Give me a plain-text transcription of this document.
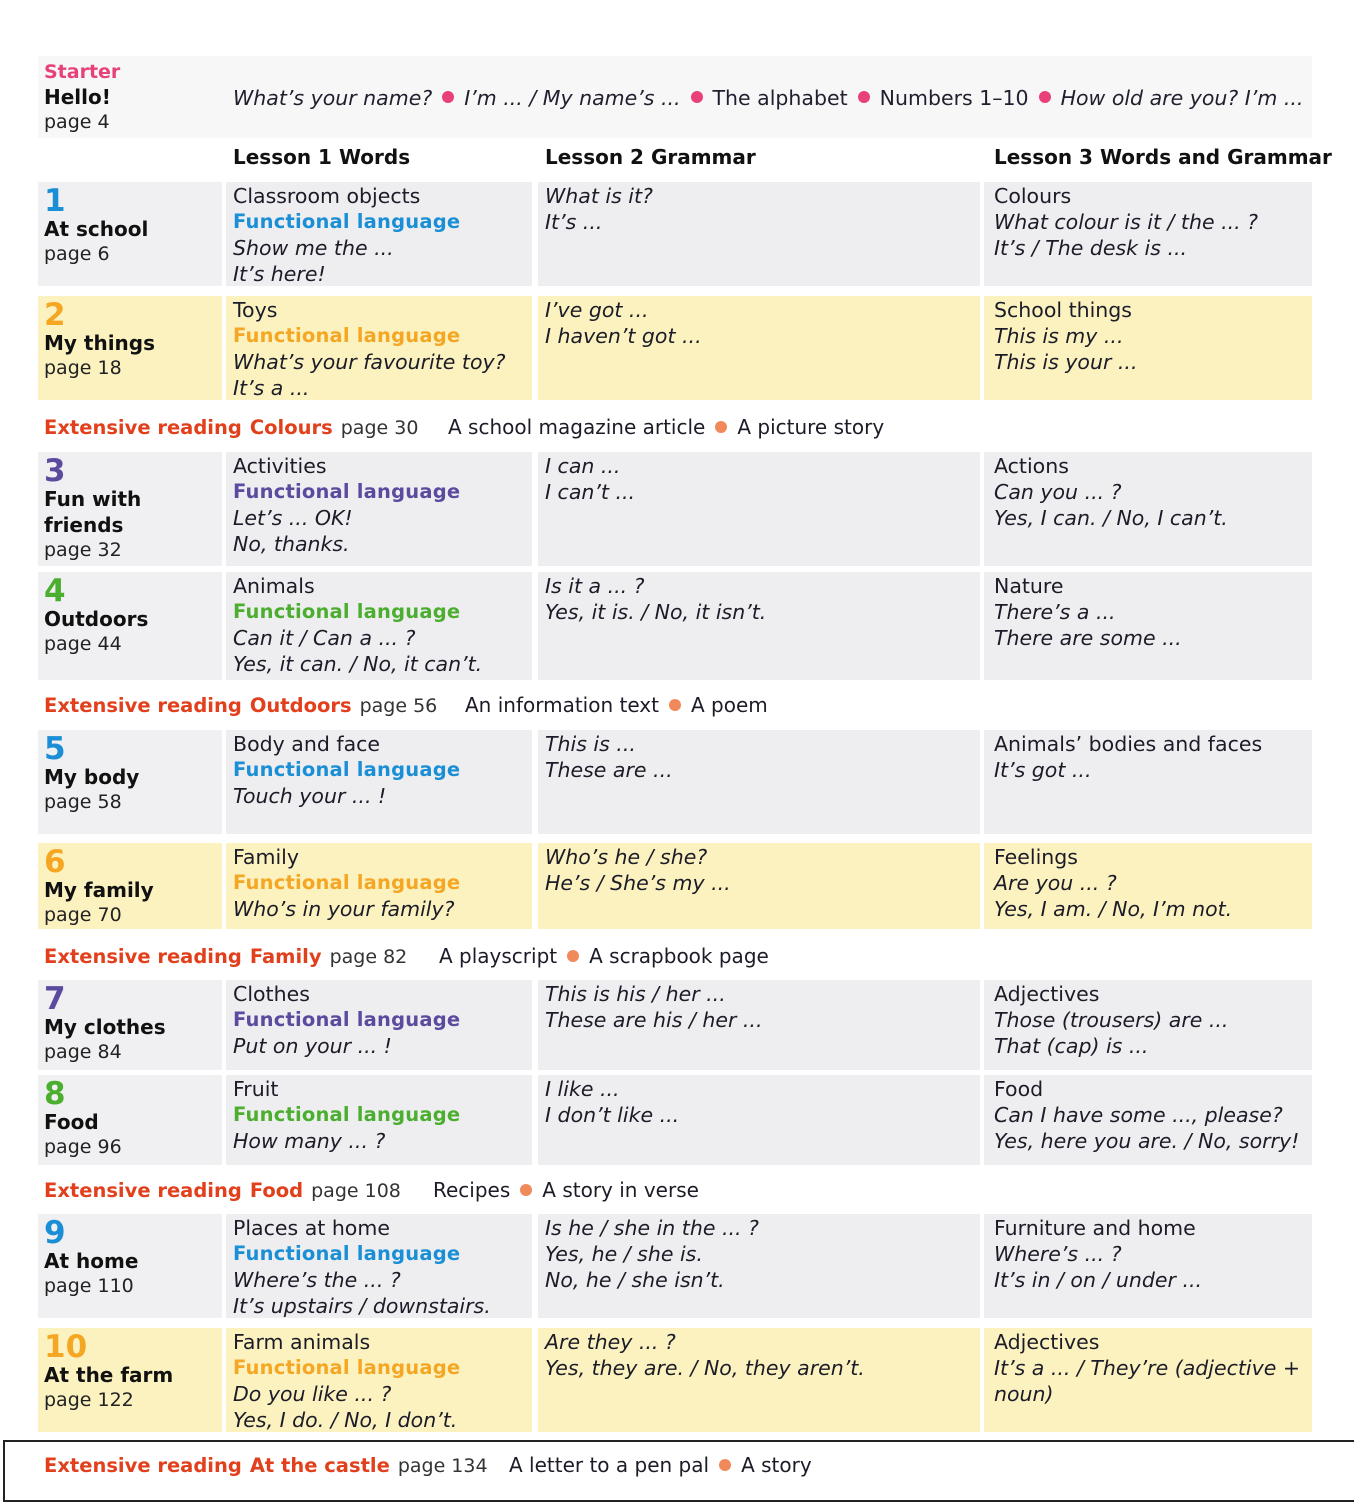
Starter
Hello!
page 4
What’s your name? I’m ... / My name’s ... The alphabet Numbers 1–10 How old are you? I’m ...
Lesson 1 Words	Lesson 2 Grammar	Lesson 3 Words and Grammar
1
At school
page 6
Classroom objects
Functional language
Show me the ...
It’s here!
What is it?
It’s ...
Colours
What colour is it / the ... ?
It’s / The desk is ...
2
My things
page 18
Toys
Functional language
What’s your favourite toy?
It’s a ...
I’ve got ...
I haven’t got ...
School things
This is my ...
This is your ...
3
Fun with
friends
page 32
Activities
Functional language
Let’s ... OK!
No, thanks.
I can ...
I can’t ...
Actions
Can you ... ?
Yes, I can. / No, I can’t.
4
Outdoors
page 44
Animals
Functional language
Can it / Can a ... ?
Yes, it can. / No, it can’t.
Is it a ... ?
Yes, it is. / No, it isn’t.
Nature
There’s a ...
There are some ...
5
My body
page 58
Body and face
Functional language
Touch your ... !
This is ...
These are ...
Animals’ bodies and faces
It’s got ...
6
My family
page 70
Family
Functional language
Who’s in your family?
Who’s he / she?
He’s / She’s my ...
Feelings
Are you ... ?
Yes, I am. / No, I’m not.
7
My clothes
page 84
Clothes
Functional language
Put on your ... !
This is his / her ...
These are his / her ...
Adjectives
Those (trousers) are ...
That (cap) is ...
8
Food
page 96
Fruit
Functional language
How many ... ?
I like ...
I don’t like ...
Food
Can I have some ..., please?
Yes, here you are. / No, sorry!
9
At home
page 110
Places at home
Functional language
Where’s the ... ?
It’s upstairs / downstairs.
Is he / she in the ... ?
Yes, he / she is.
No, he / she isn’t.
Furniture and home
Where’s ... ?
It’s in / on / under ...
10
At the farm
page 122
Farm animals
Functional language
Do you like ... ?
Yes, I do. / No, I don’t.
Are they ... ?
Yes, they are. / No, they aren’t.
Adjectives
It’s a ... / They’re (adjective +
noun)
Extensive reading Colours page 30 A school magazine article A picture story
Extensive reading Outdoors page 56 An information text A poem
Extensive reading Family page 82 A playscript A scrapbook page
Extensive reading Food page 108 Recipes A story in verse
Extensive reading At the castle page 134 A letter to a pen pal A story
